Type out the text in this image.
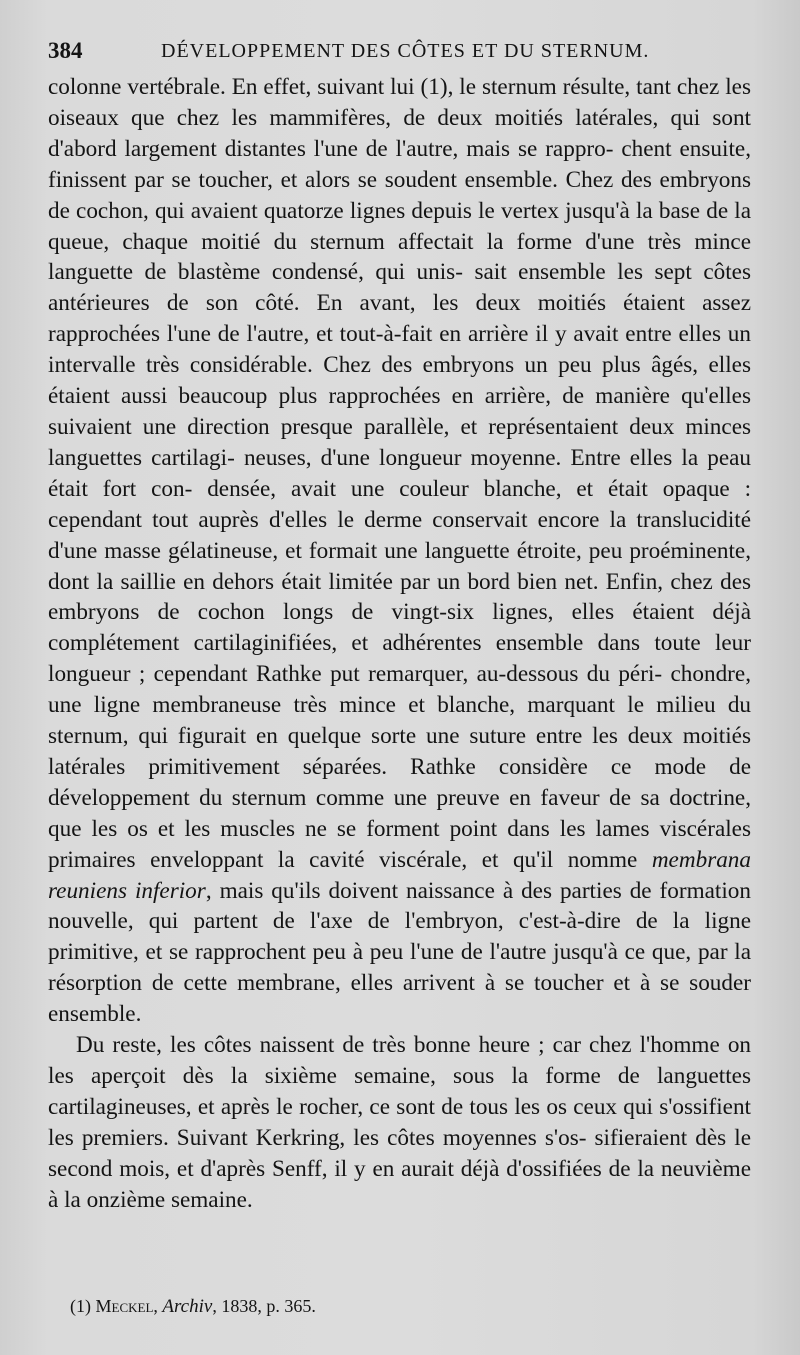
384	DÉVELOPPEMENT DES CÔTES ET DU STERNUM.

colonne vertébrale. En effet, suivant lui (1), le sternum résulte, tant chez les oiseaux que chez les mammifères, de deux moitiés latérales, qui sont d'abord largement distantes l'une de l'autre, mais se rappro- chent ensuite, finissent par se toucher, et alors se soudent ensemble. Chez des embryons de cochon, qui avaient quatorze lignes depuis le vertex jusqu'à la base de la queue, chaque moitié du sternum affectait la forme d'une très mince languette de blastème condensé, qui unis- sait ensemble les sept côtes antérieures de son côté. En avant, les deux moitiés étaient assez rapprochées l'une de l'autre, et tout-à-fait en arrière il y avait entre elles un intervalle très considérable. Chez des embryons un peu plus âgés, elles étaient aussi beaucoup plus rapprochées en arrière, de manière qu'elles suivaient une direction presque parallèle, et représentaient deux minces languettes cartilagi- neuses, d'une longueur moyenne. Entre elles la peau était fort con- densée, avait une couleur blanche, et était opaque : cependant tout auprès d'elles le derme conservait encore la translucidité d'une masse gélatineuse, et formait une languette étroite, peu proéminente, dont la saillie en dehors était limitée par un bord bien net. Enfin, chez des embryons de cochon longs de vingt-six lignes, elles étaient déjà complétement cartilaginifiées, et adhérentes ensemble dans toute leur longueur ; cependant Rathke put remarquer, au-dessous du péri- chondre, une ligne membraneuse très mince et blanche, marquant le milieu du sternum, qui figurait en quelque sorte une suture entre les deux moitiés latérales primitivement séparées. Rathke considère ce mode de développement du sternum comme une preuve en faveur de sa doctrine, que les os et les muscles ne se forment point dans les lames viscérales primaires enveloppant la cavité viscérale, et qu'il nomme membrana reuniens inferior, mais qu'ils doivent naissance à des parties de formation nouvelle, qui partent de l'axe de l'embryon, c'est-à-dire de la ligne primitive, et se rapprochent peu à peu l'une de l'autre jusqu'à ce que, par la résorption de cette membrane, elles arrivent à se toucher et à se souder ensemble.

Du reste, les côtes naissent de très bonne heure ; car chez l'homme on les aperçoit dès la sixième semaine, sous la forme de languettes cartilagineuses, et après le rocher, ce sont de tous les os ceux qui s'ossifient les premiers. Suivant Kerkring, les côtes moyennes s'os- sifieraient dès le second mois, et d'après Senff, il y en aurait déjà d'ossifiées de la neuvième à la onzième semaine.

(1) Meckel, Archiv, 1838, p. 365.
